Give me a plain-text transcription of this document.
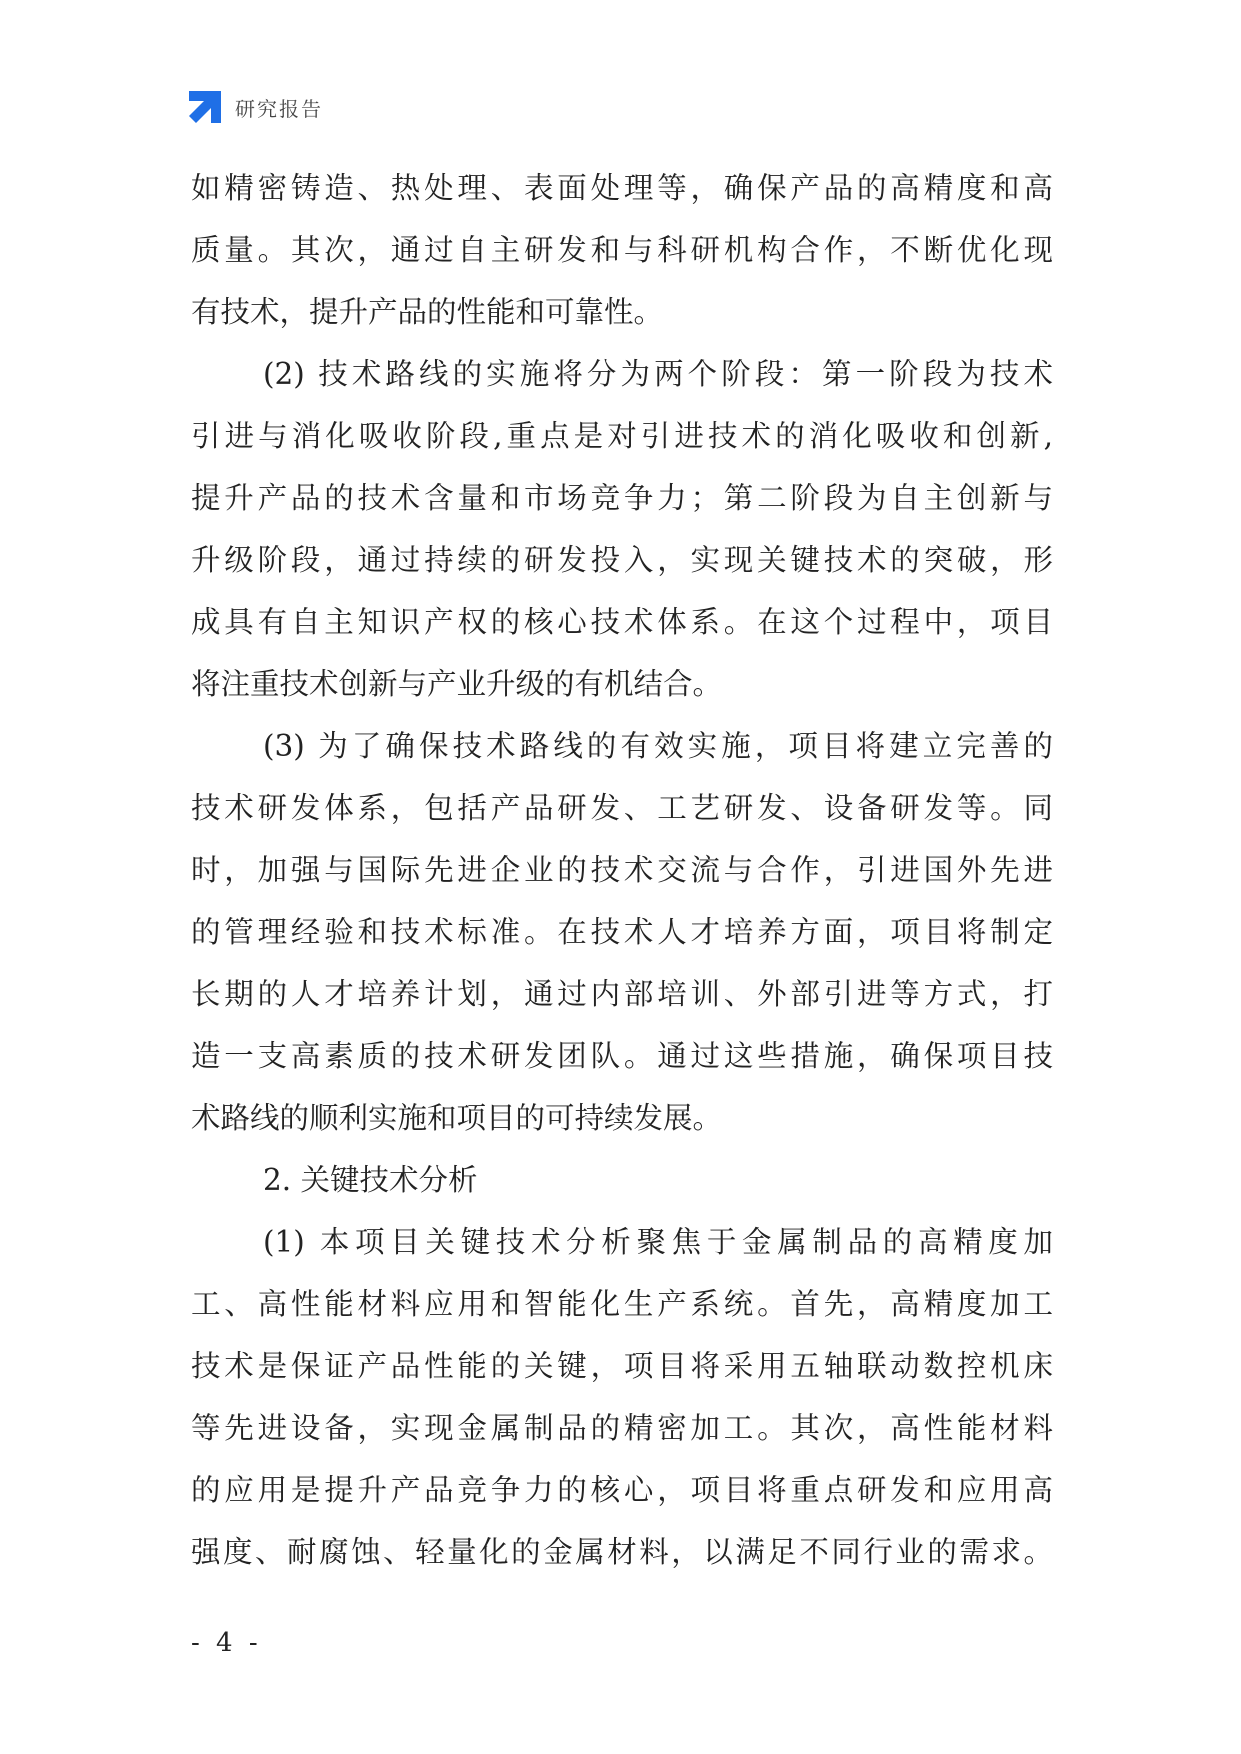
研究报告
如精密铸造、热处理、表面处理等，确保产品的高精度和高
质量。其次，通过自主研发和与科研机构合作，不断优化现
有技术，提升产品的性能和可靠性。
(2) 技术路线的实施将分为两个阶段：第一阶段为技术
引进与消化吸收阶段,重点是对引进技术的消化吸收和创新,
提升产品的技术含量和市场竞争力；第二阶段为自主创新与
升级阶段，通过持续的研发投入，实现关键技术的突破，形
成具有自主知识产权的核心技术体系。在这个过程中，项目
将注重技术创新与产业升级的有机结合。
(3) 为了确保技术路线的有效实施，项目将建立完善的
技术研发体系，包括产品研发、工艺研发、设备研发等。同
时，加强与国际先进企业的技术交流与合作，引进国外先进
的管理经验和技术标准。在技术人才培养方面，项目将制定
长期的人才培养计划，通过内部培训、外部引进等方式，打
造一支高素质的技术研发团队。通过这些措施，确保项目技
术路线的顺利实施和项目的可持续发展。
2. 关键技术分析
(1) 本项目关键技术分析聚焦于金属制品的高精度加
工、高性能材料应用和智能化生产系统。首先，高精度加工
技术是保证产品性能的关键，项目将采用五轴联动数控机床
等先进设备，实现金属制品的精密加工。其次，高性能材料
的应用是提升产品竞争力的核心，项目将重点研发和应用高
强度、耐腐蚀、轻量化的金属材料，以满足不同行业的需求。
- 4 -
